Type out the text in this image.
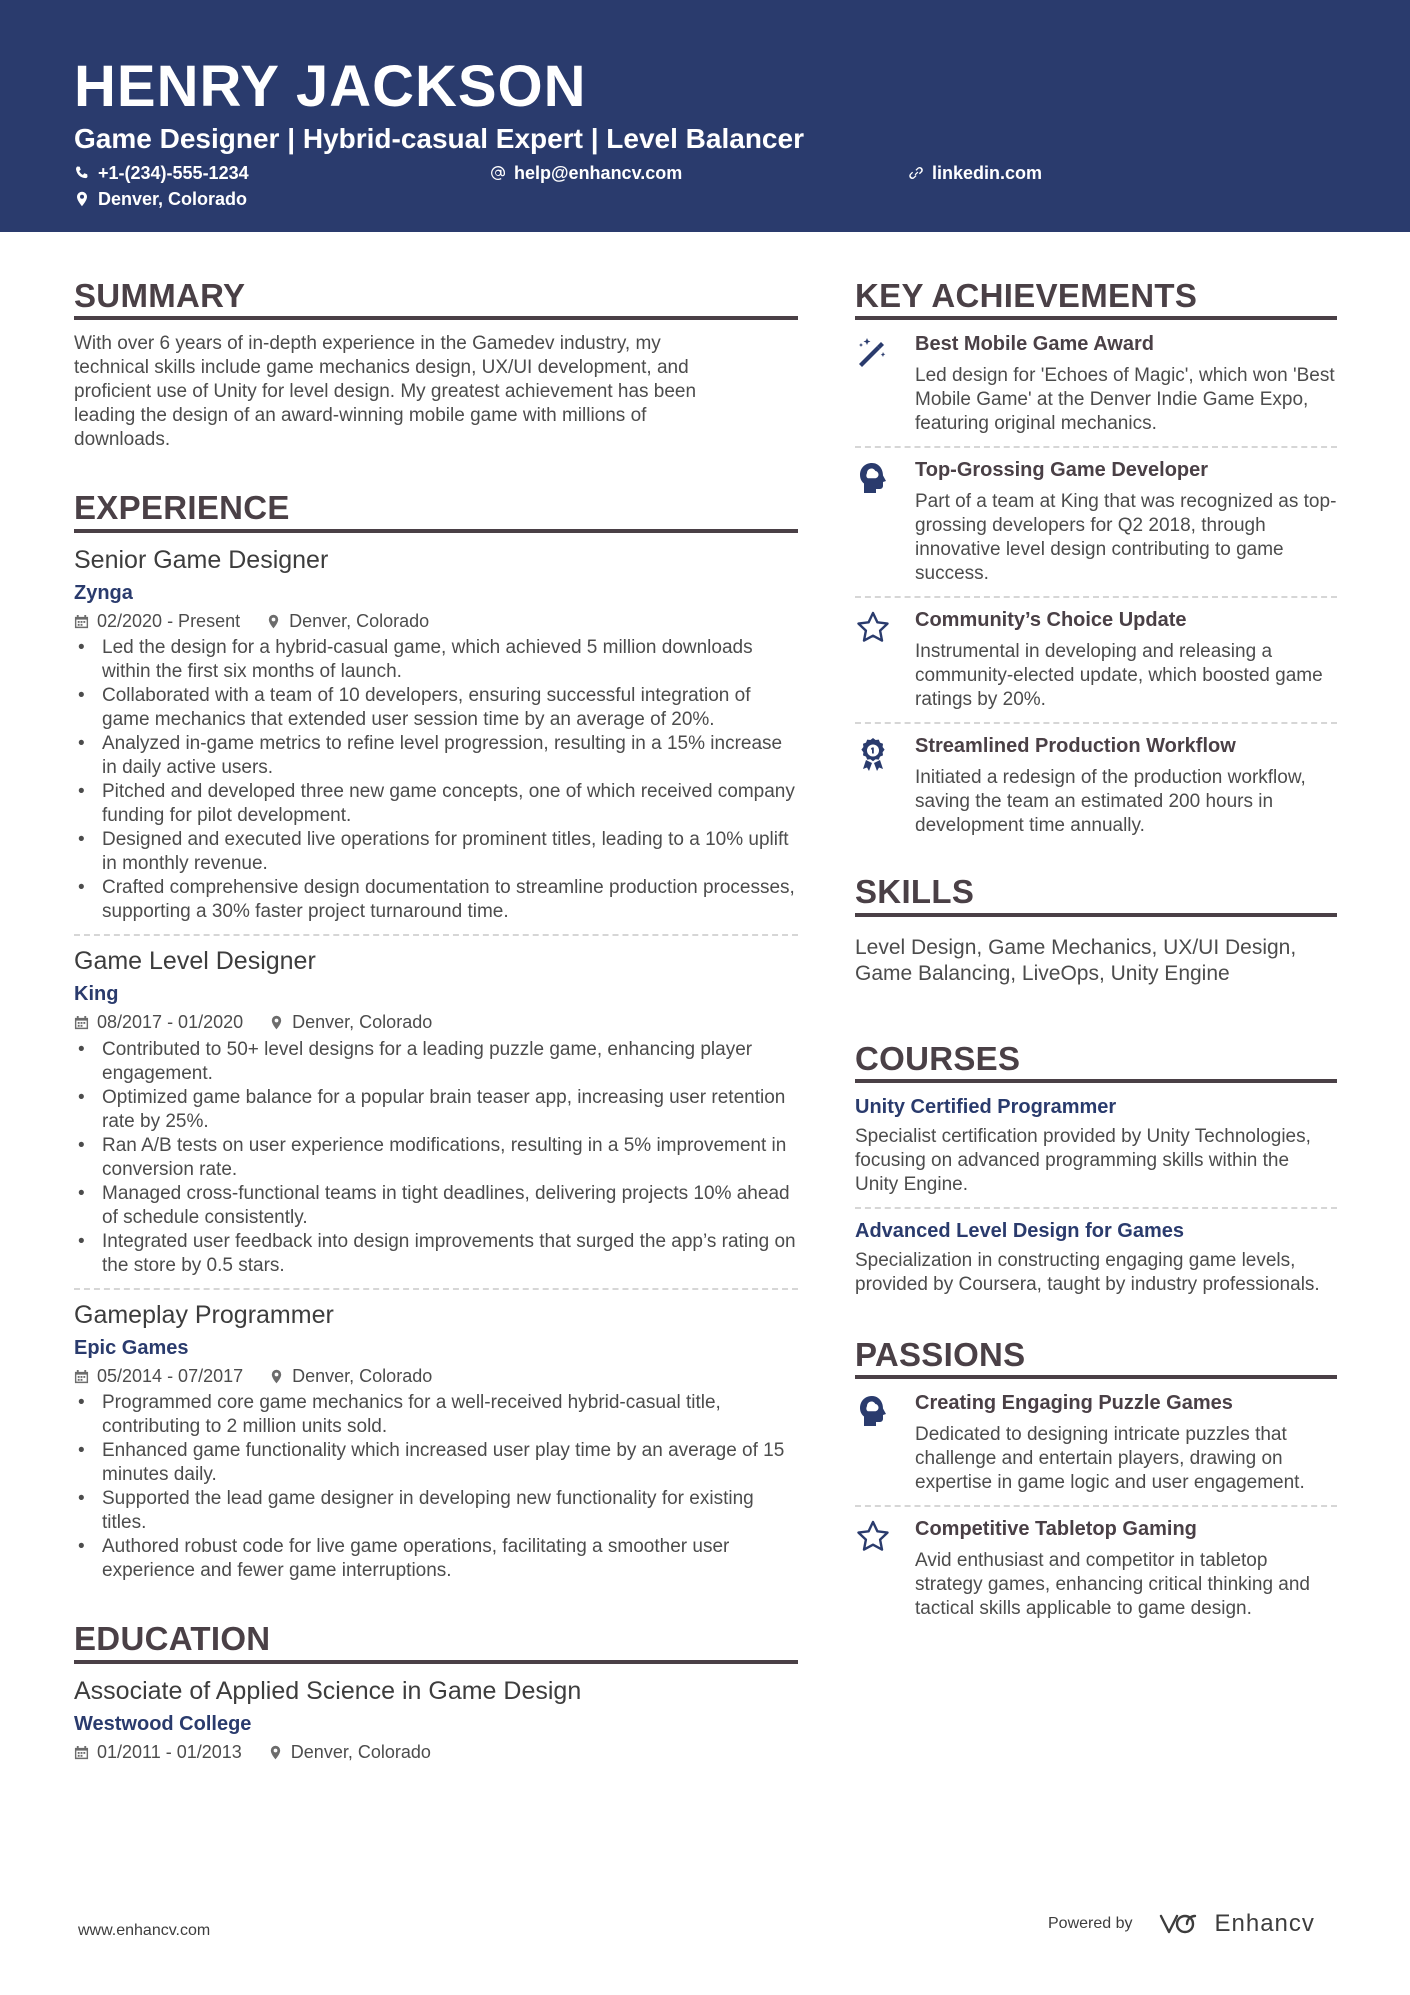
HENRY JACKSON
Game Designer | Hybrid-casual Expert | Level Balancer
+1-(234)-555-1234	help@enhancv.com	linkedin.com
Denver, Colorado
SUMMARY
With over 6 years of in-depth experience in the Gamedev industry, my
technical skills include game mechanics design, UX/UI development, and
proficient use of Unity for level design. My greatest achievement has been
leading the design of an award-winning mobile game with millions of
downloads.
EXPERIENCE
Senior Game Designer
Zynga
02/2020 - Present	Denver, Colorado
• Led the design for a hybrid-casual game, which achieved 5 million downloads within the first six months of launch.
• Collaborated with a team of 10 developers, ensuring successful integration of game mechanics that extended user session time by an average of 20%.
• Analyzed in-game metrics to refine level progression, resulting in a 15% increase in daily active users.
• Pitched and developed three new game concepts, one of which received company funding for pilot development.
• Designed and executed live operations for prominent titles, leading to a 10% uplift in monthly revenue.
• Crafted comprehensive design documentation to streamline production processes, supporting a 30% faster project turnaround time.
Game Level Designer
King
08/2017 - 01/2020	Denver, Colorado
• Contributed to 50+ level designs for a leading puzzle game, enhancing player engagement.
• Optimized game balance for a popular brain teaser app, increasing user retention rate by 25%.
• Ran A/B tests on user experience modifications, resulting in a 5% improvement in conversion rate.
• Managed cross-functional teams in tight deadlines, delivering projects 10% ahead of schedule consistently.
• Integrated user feedback into design improvements that surged the app’s rating on the store by 0.5 stars.
Gameplay Programmer
Epic Games
05/2014 - 07/2017	Denver, Colorado
• Programmed core game mechanics for a well-received hybrid-casual title, contributing to 2 million units sold.
• Enhanced game functionality which increased user play time by an average of 15 minutes daily.
• Supported the lead game designer in developing new functionality for existing titles.
• Authored robust code for live game operations, facilitating a smoother user experience and fewer game interruptions.
EDUCATION
Associate of Applied Science in Game Design
Westwood College
01/2011 - 01/2013	Denver, Colorado
KEY ACHIEVEMENTS
Best Mobile Game Award
Led design for 'Echoes of Magic', which won 'Best Mobile Game' at the Denver Indie Game Expo, featuring original mechanics.
Top-Grossing Game Developer
Part of a team at King that was recognized as top-grossing developers for Q2 2018, through innovative level design contributing to game success.
Community’s Choice Update
Instrumental in developing and releasing a community-elected update, which boosted game ratings by 20%.
Streamlined Production Workflow
Initiated a redesign of the production workflow, saving the team an estimated 200 hours in development time annually.
SKILLS
Level Design, Game Mechanics, UX/UI Design, Game Balancing, LiveOps, Unity Engine
COURSES
Unity Certified Programmer
Specialist certification provided by Unity Technologies, focusing on advanced programming skills within the Unity Engine.
Advanced Level Design for Games
Specialization in constructing engaging game levels, provided by Coursera, taught by industry professionals.
PASSIONS
Creating Engaging Puzzle Games
Dedicated to designing intricate puzzles that challenge and entertain players, drawing on expertise in game logic and user engagement.
Competitive Tabletop Gaming
Avid enthusiast and competitor in tabletop strategy games, enhancing critical thinking and tactical skills applicable to game design.
www.enhancv.com	Powered by	Enhancv
